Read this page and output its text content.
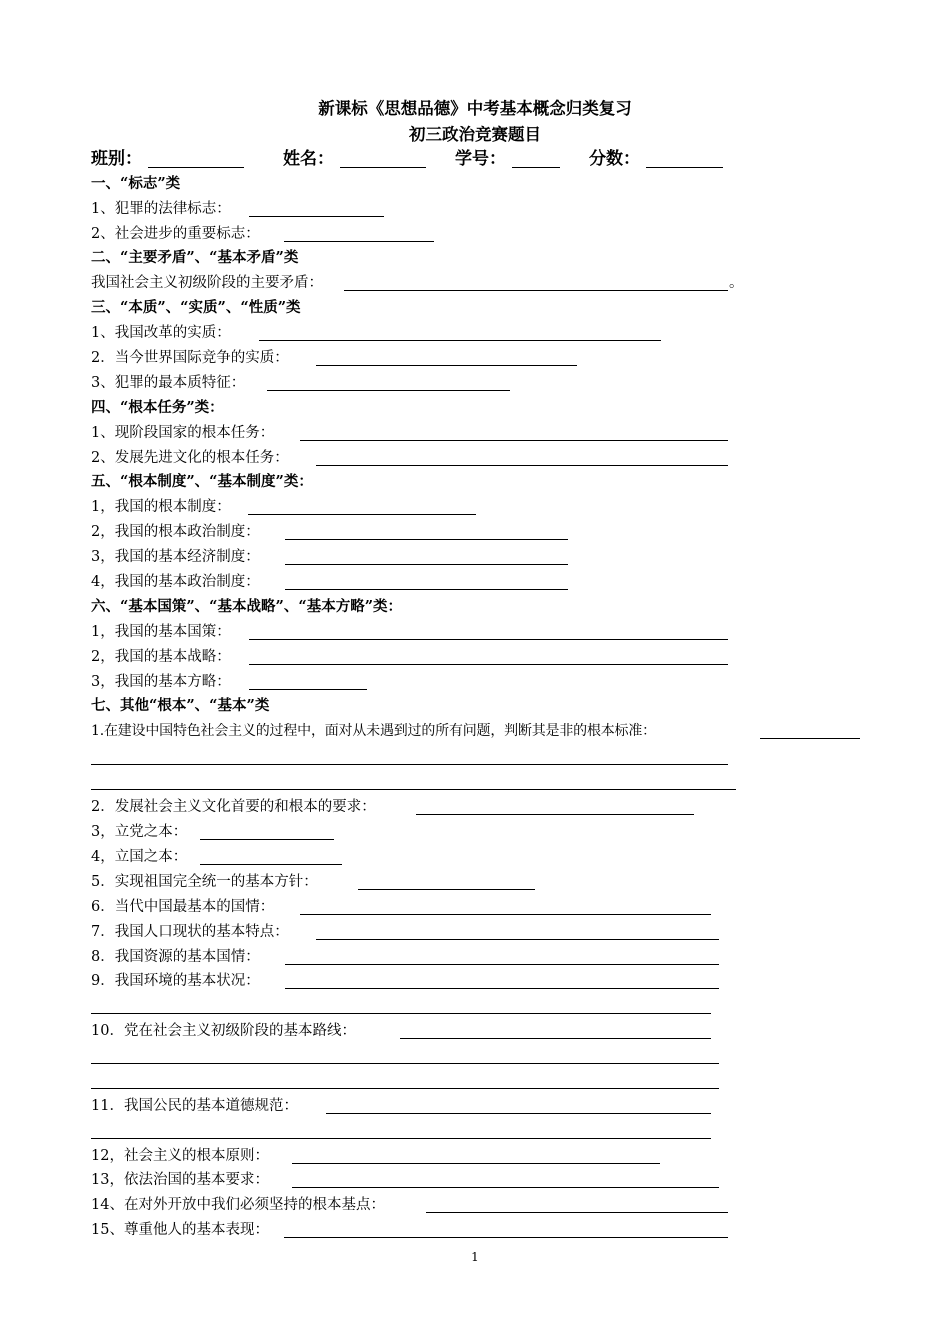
新课标《思想品德》中考基本概念归类复习
初三政治竞赛题目
班别：	姓名：	学号：	分数：
一、“标志”类
1、犯罪的法律标志：
2、社会进步的重要标志：
二、“主要矛盾”、“基本矛盾”类
我国社会主义初级阶段的主要矛盾：	。
三、“本质”、“实质”、“性质”类
1、我国改革的实质：
2．当今世界国际竞争的实质：
3、犯罪的最本质特征：
四、“根本任务”类：
1、现阶段国家的根本任务：
2、发展先进文化的根本任务：
五、“根本制度”、“基本制度”类：
1，我国的根本制度：
2，我国的根本政治制度：
3，我国的基本经济制度：
4，我国的基本政治制度：
六、“基本国策”、“基本战略”、“基本方略”类：
1，我国的基本国策：
2，我国的基本战略：
3，我国的基本方略：
七、其他“根本”、“基本”类
1.在建设中国特色社会主义的过程中，面对从未遇到过的所有问题，判断其是非的根本标准：
2．发展社会主义文化首要的和根本的要求：
3，立党之本：
4，立国之本：
5．实现祖国完全统一的基本方针：
6．当代中国最基本的国情：
7．我国人口现状的基本特点：
8．我国资源的基本国情：
9．我国环境的基本状况：
10．党在社会主义初级阶段的基本路线：
11．我国公民的基本道德规范：
12，社会主义的根本原则：
13，依法治国的基本要求：
14、在对外开放中我们必须坚持的根本基点：
15、尊重他人的基本表现：
1
